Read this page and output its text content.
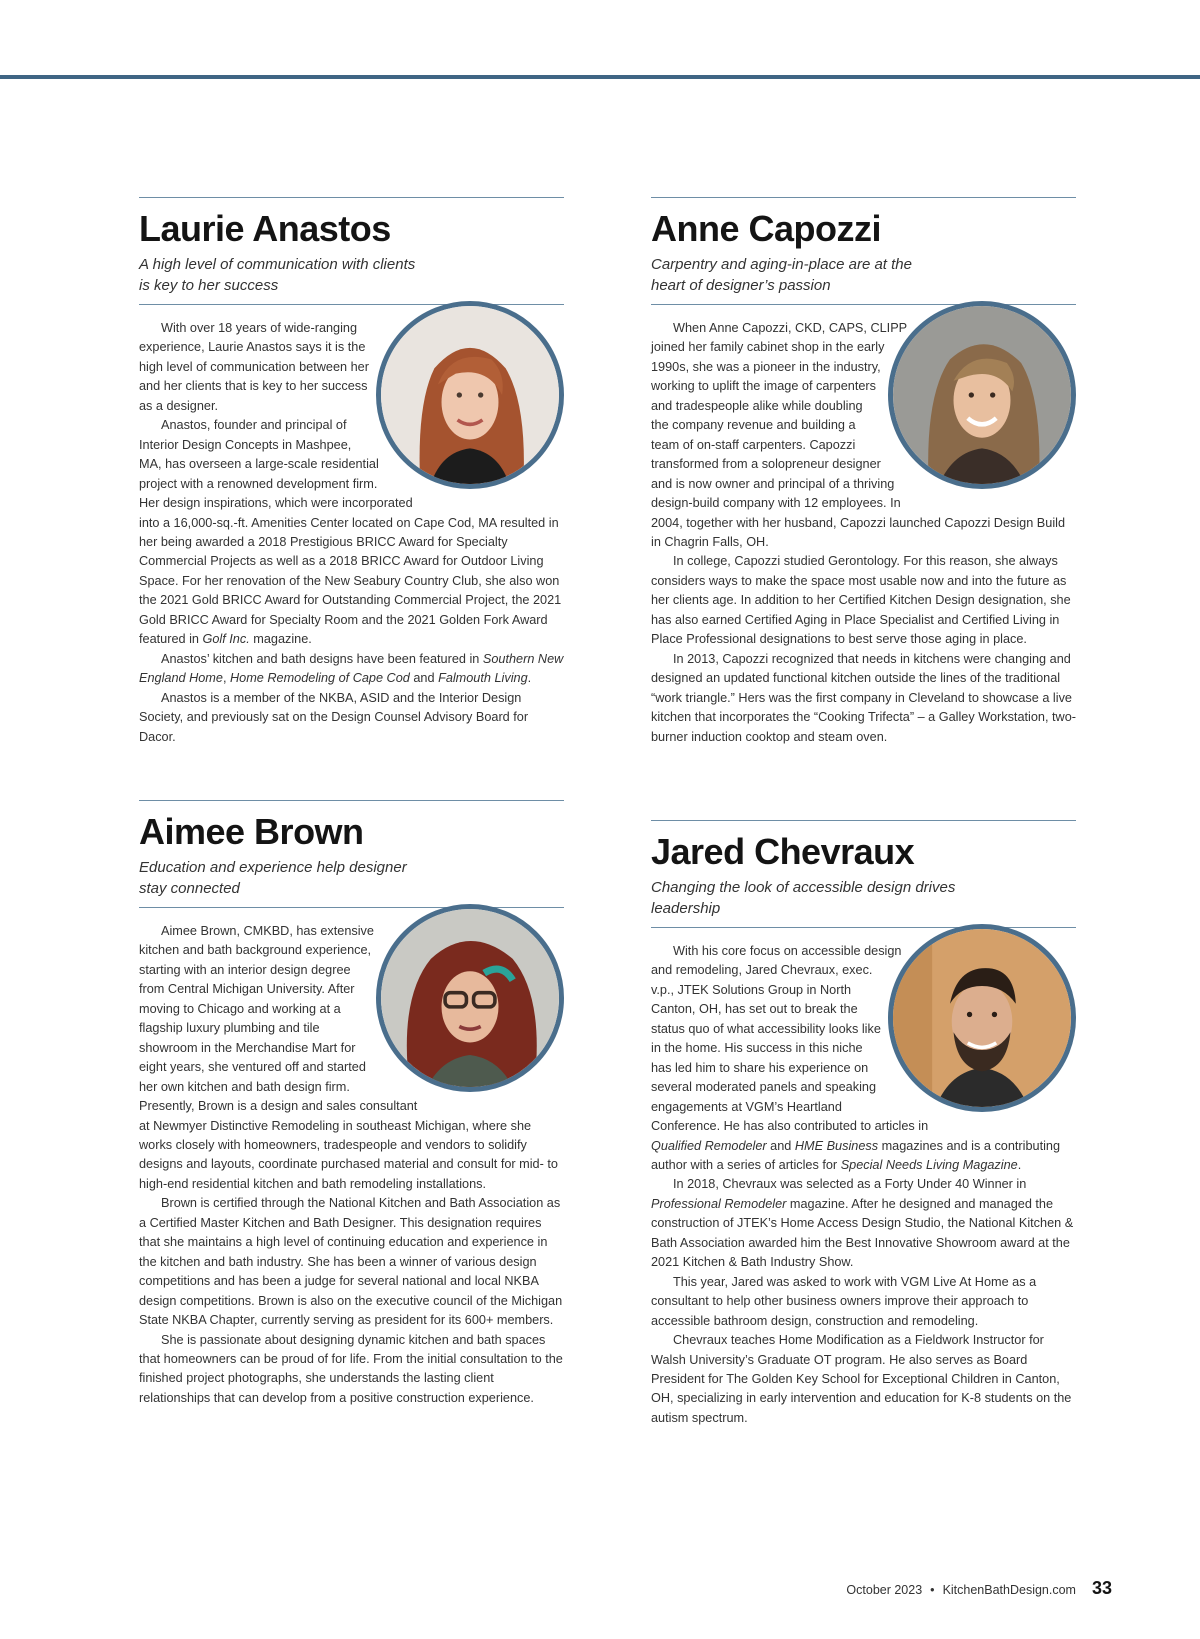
Laurie Anastos
A high level of communication with clients
is key to her success

With over 18 years of wide-ranging experience, Laurie Anastos says it is the high level of communication between her and her clients that is key to her success as a designer.

Anastos, founder and principal of Interior Design Concepts in Mashpee, MA, has overseen a large-scale residential project with a renowned development firm. Her design inspirations, which were incorporated into a 16,000-sq.-ft. Amenities Center located on Cape Cod, MA resulted in her being awarded a 2018 Prestigious BRICC Award for Specialty Commercial Projects as well as a 2018 BRICC Award for Outdoor Living Space. For her renovation of the New Seabury Country Club, she also won the 2021 Gold BRICC Award for Outstanding Commercial Project, the 2021 Gold BRICC Award for Specialty Room and the 2021 Golden Fork Award featured in Golf Inc. magazine.

Anastos’ kitchen and bath designs have been featured in Southern New England Home, Home Remodeling of Cape Cod and Falmouth Living.

Anastos is a member of the NKBA, ASID and the Interior Design Society, and previously sat on the Design Counsel Advisory Board for Dacor.

Anne Capozzi
Carpentry and aging-in-place are at the
heart of designer’s passion

When Anne Capozzi, CKD, CAPS, CLIPP joined her family cabinet shop in the early 1990s, she was a pioneer in the industry, working to uplift the image of carpenters and tradespeople alike while doubling the company revenue and building a team of on-staff carpenters. Capozzi transformed from a solopreneur designer and is now owner and principal of a thriving design-build company with 12 employees. In 2004, together with her husband, Capozzi launched Capozzi Design Build in Chagrin Falls, OH.

In college, Capozzi studied Gerontology. For this reason, she always considers ways to make the space most usable now and into the future as her clients age. In addition to her Certified Kitchen Design designation, she has also earned Certified Aging in Place Specialist and Certified Living in Place Professional designations to best serve those aging in place.

In 2013, Capozzi recognized that needs in kitchens were changing and designed an updated functional kitchen outside the lines of the traditional “work triangle.” Hers was the first company in Cleveland to showcase a live kitchen that incorporates the “Cooking Trifecta” – a Galley Workstation, two-burner induction cooktop and steam oven.

Aimee Brown
Education and experience help designer
stay connected

Aimee Brown, CMKBD, has extensive kitchen and bath background experience, starting with an interior design degree from Central Michigan University. After moving to Chicago and working at a flagship luxury plumbing and tile showroom in the Merchandise Mart for eight years, she ventured off and started her own kitchen and bath design firm. Presently, Brown is a design and sales consultant at Newmyer Distinctive Remodeling in southeast Michigan, where she works closely with homeowners, tradespeople and vendors to solidify designs and layouts, coordinate purchased material and consult for mid- to high-end residential kitchen and bath remodeling installations.

Brown is certified through the National Kitchen and Bath Association as a Certified Master Kitchen and Bath Designer. This designation requires that she maintains a high level of continuing education and experience in the kitchen and bath industry. She has been a winner of various design competitions and has been a judge for several national and local NKBA design competitions. Brown is also on the executive council of the Michigan State NKBA Chapter, currently serving as president for its 600+ members.

She is passionate about designing dynamic kitchen and bath spaces that homeowners can be proud of for life. From the initial consultation to the finished project photographs, she understands the lasting client relationships that can develop from a positive construction experience.

Jared Chevraux
Changing the look of accessible design drives
leadership

With his core focus on accessible design and remodeling, Jared Chevraux, exec. v.p., JTEK Solutions Group in North Canton, OH, has set out to break the status quo of what accessibility looks like in the home. His success in this niche has led him to share his experience on several moderated panels and speaking engagements at VGM’s Heartland Conference. He has also contributed to articles in Qualified Remodeler and HME Business magazines and is a contributing author with a series of articles for Special Needs Living Magazine.

In 2018, Chevraux was selected as a Forty Under 40 Winner in Professional Remodeler magazine. After he designed and managed the construction of JTEK’s Home Access Design Studio, the National Kitchen & Bath Association awarded him the Best Innovative Showroom award at the 2021 Kitchen & Bath Industry Show.

This year, Jared was asked to work with VGM Live At Home as a consultant to help other business owners improve their approach to accessible bathroom design, construction and remodeling.

Chevraux teaches Home Modification as a Fieldwork Instructor for Walsh University’s Graduate OT program. He also serves as Board President for The Golden Key School for Exceptional Children in Canton, OH, specializing in early intervention and education for K-8 students on the autism spectrum.

October 2023 • KitchenBathDesign.com 33
